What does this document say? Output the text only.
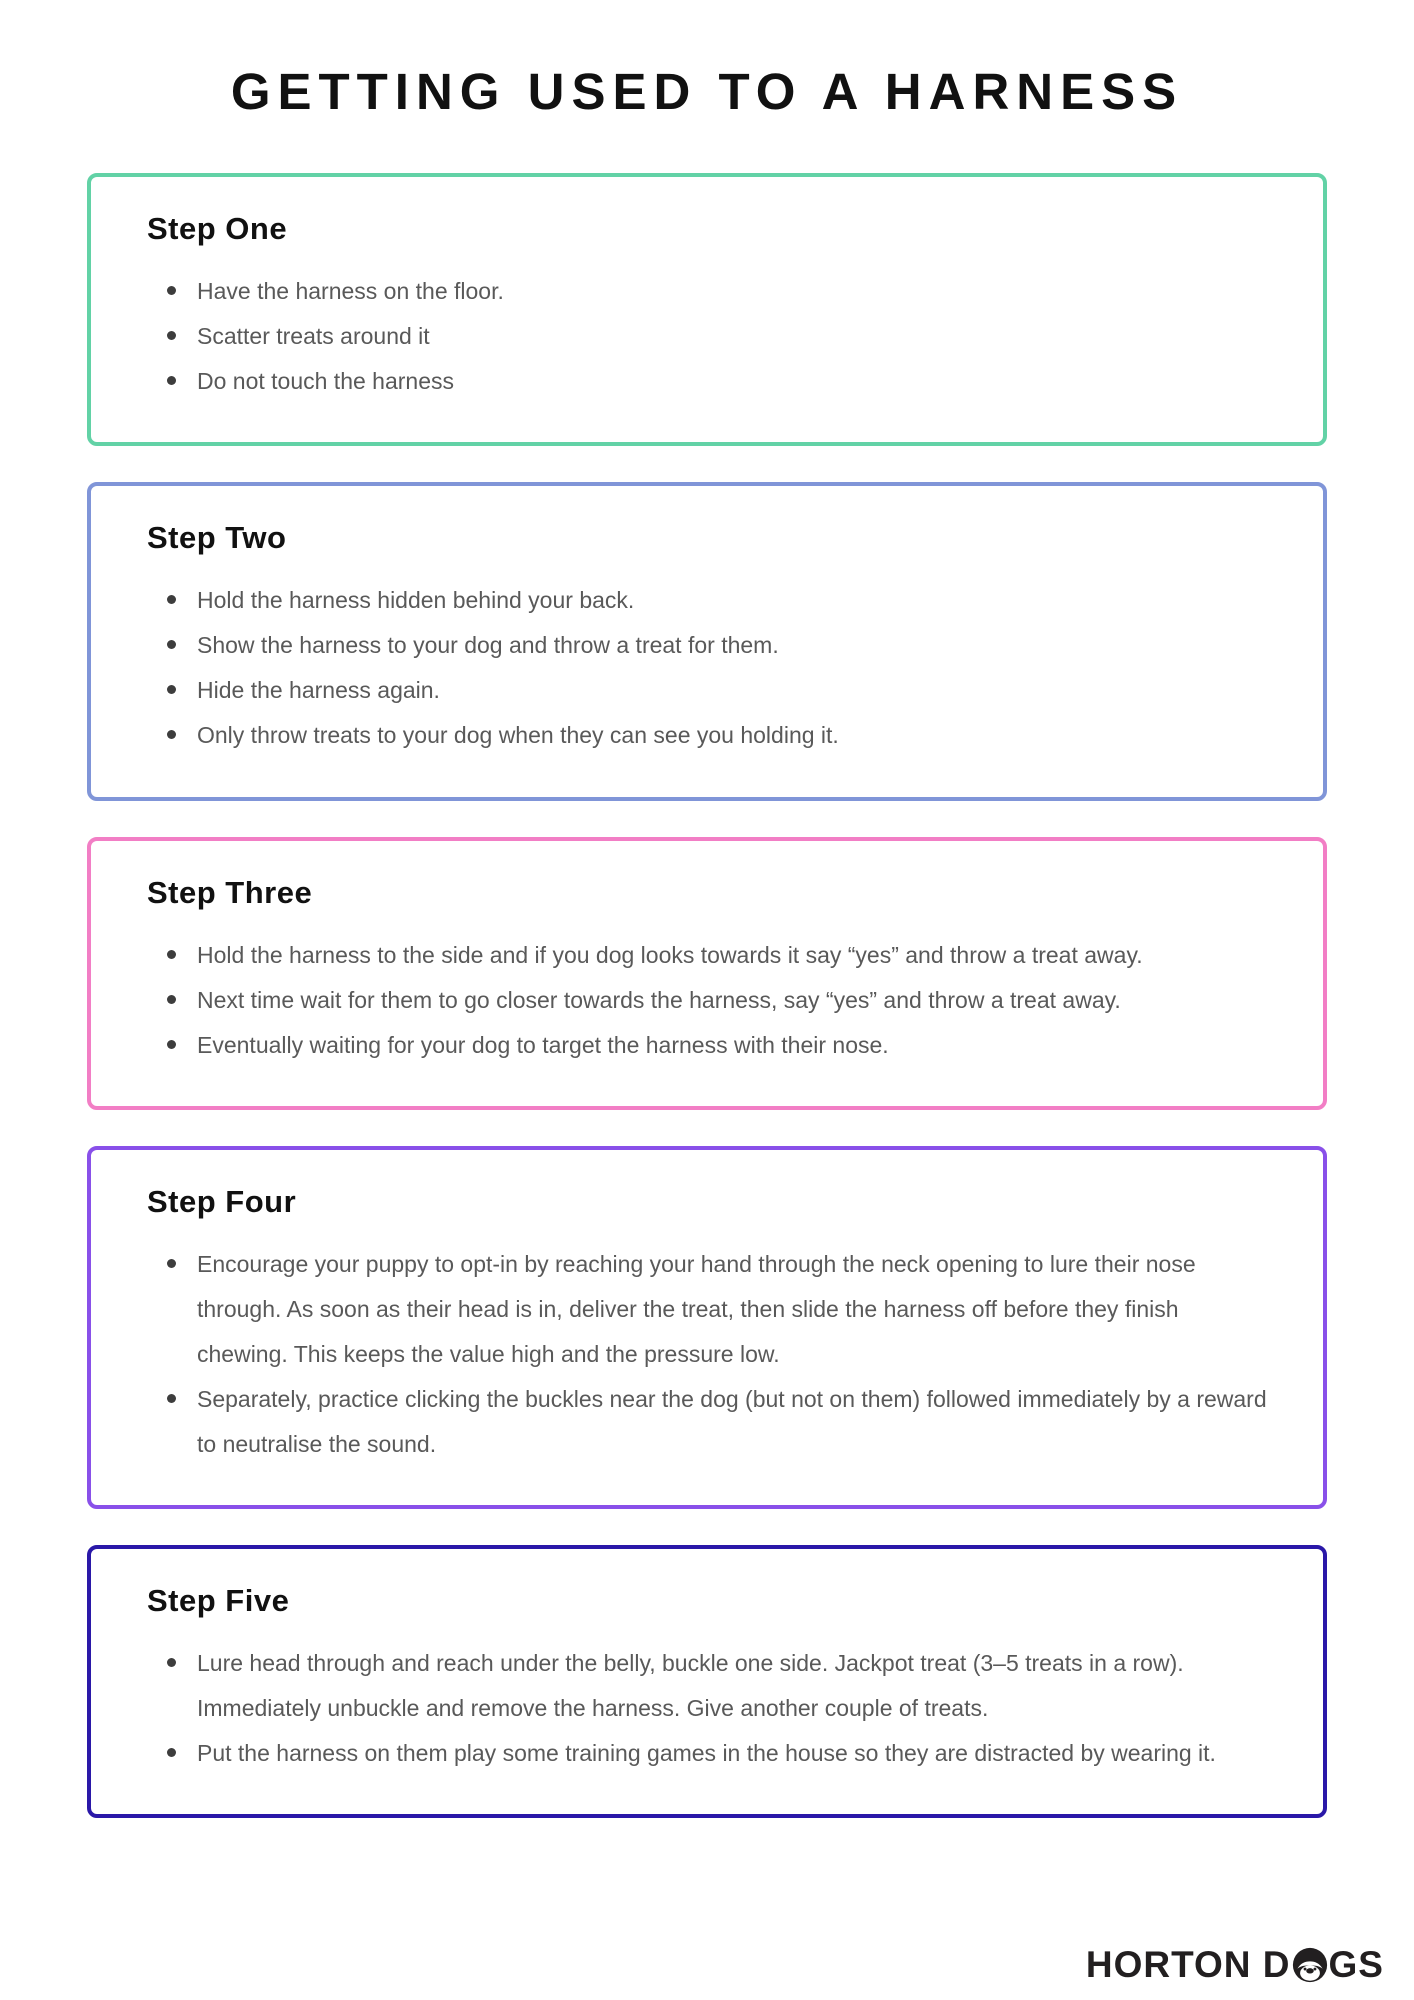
GETTING USED TO A HARNESS
Step One
Have the harness on the floor.
Scatter treats around it
Do not touch the harness
Step Two
Hold the harness hidden behind your back.
Show the harness to your dog and throw a treat for them.
Hide the harness again.
Only throw treats to your dog when they can see you holding it.
Step Three
Hold the harness to the side and if you dog looks towards it say “yes” and throw a treat away.
Next time wait for them to go closer towards the harness, say “yes” and throw a treat away.
Eventually waiting for your dog to target the harness with their nose.
Step Four
Encourage your puppy to opt-in by reaching your hand through the neck opening to lure their nose through. As soon as their head is in, deliver the treat, then slide the harness off before they finish chewing. This keeps the value high and the pressure low.
Separately, practice clicking the buckles near the dog (but not on them) followed immediately by a reward to neutralise the sound.
Step Five
Lure head through and reach under the belly, buckle one side. Jackpot treat (3–5 treats in a row). Immediately unbuckle and remove the harness. Give another couple of treats.
Put the harness on them play some training games in the house so they are distracted by wearing it.
HORTON D GS
